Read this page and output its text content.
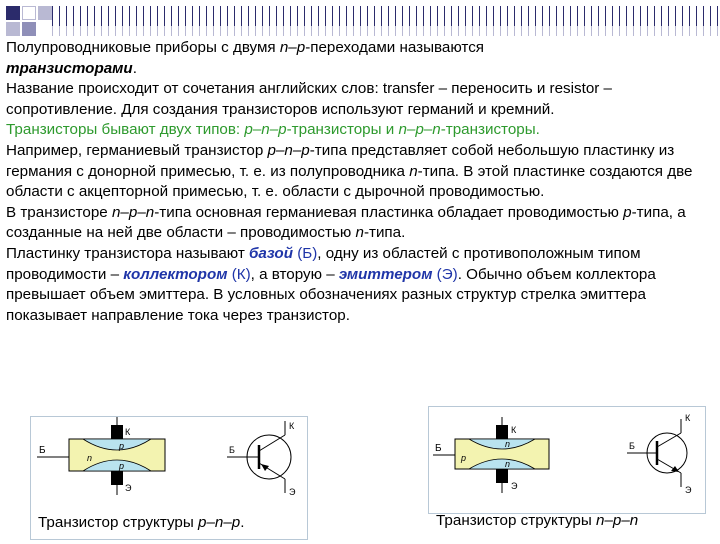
Полупроводниковые приборы с двумя n–p-переходами называются
транзисторами.

Название происходит от сочетания английских слов: transfer – переносить и resistor – сопротивление. Для создания транзисторов используют германий и кремний.

Транзисторы бывают двух типов: p–n–p-транзисторы и n–p–n-транзисторы.

Например, германиевый транзистор p–n–p-типа представляет собой небольшую пластинку из германия с донорной примесью, т. е. из полупроводника n-типа. В этой пластинке создаются две области с акцепторной примесью, т. е. области с дырочной проводимостью.

В транзисторе n–p–n-типа основная германиевая пластинка обладает проводимостью p-типа, а созданные на ней две области – проводимостью n-типа.

Пластинку транзистора называют базой (Б), одну из областей с противоположным типом проводимости – коллектором (К), а вторую – эмиттером (Э). Обычно объем коллектора превышает объем эмиттера. В условных обозначениях разных структур стрелка эмиттера показывает направление тока через транзистор.

К
Б
Э
p
n
p
К
Б
Э
Транзистор структуры p–n–p.
К
Б
Э
n
p
n
К
Б
Э
Транзистор структуры n–p–n
